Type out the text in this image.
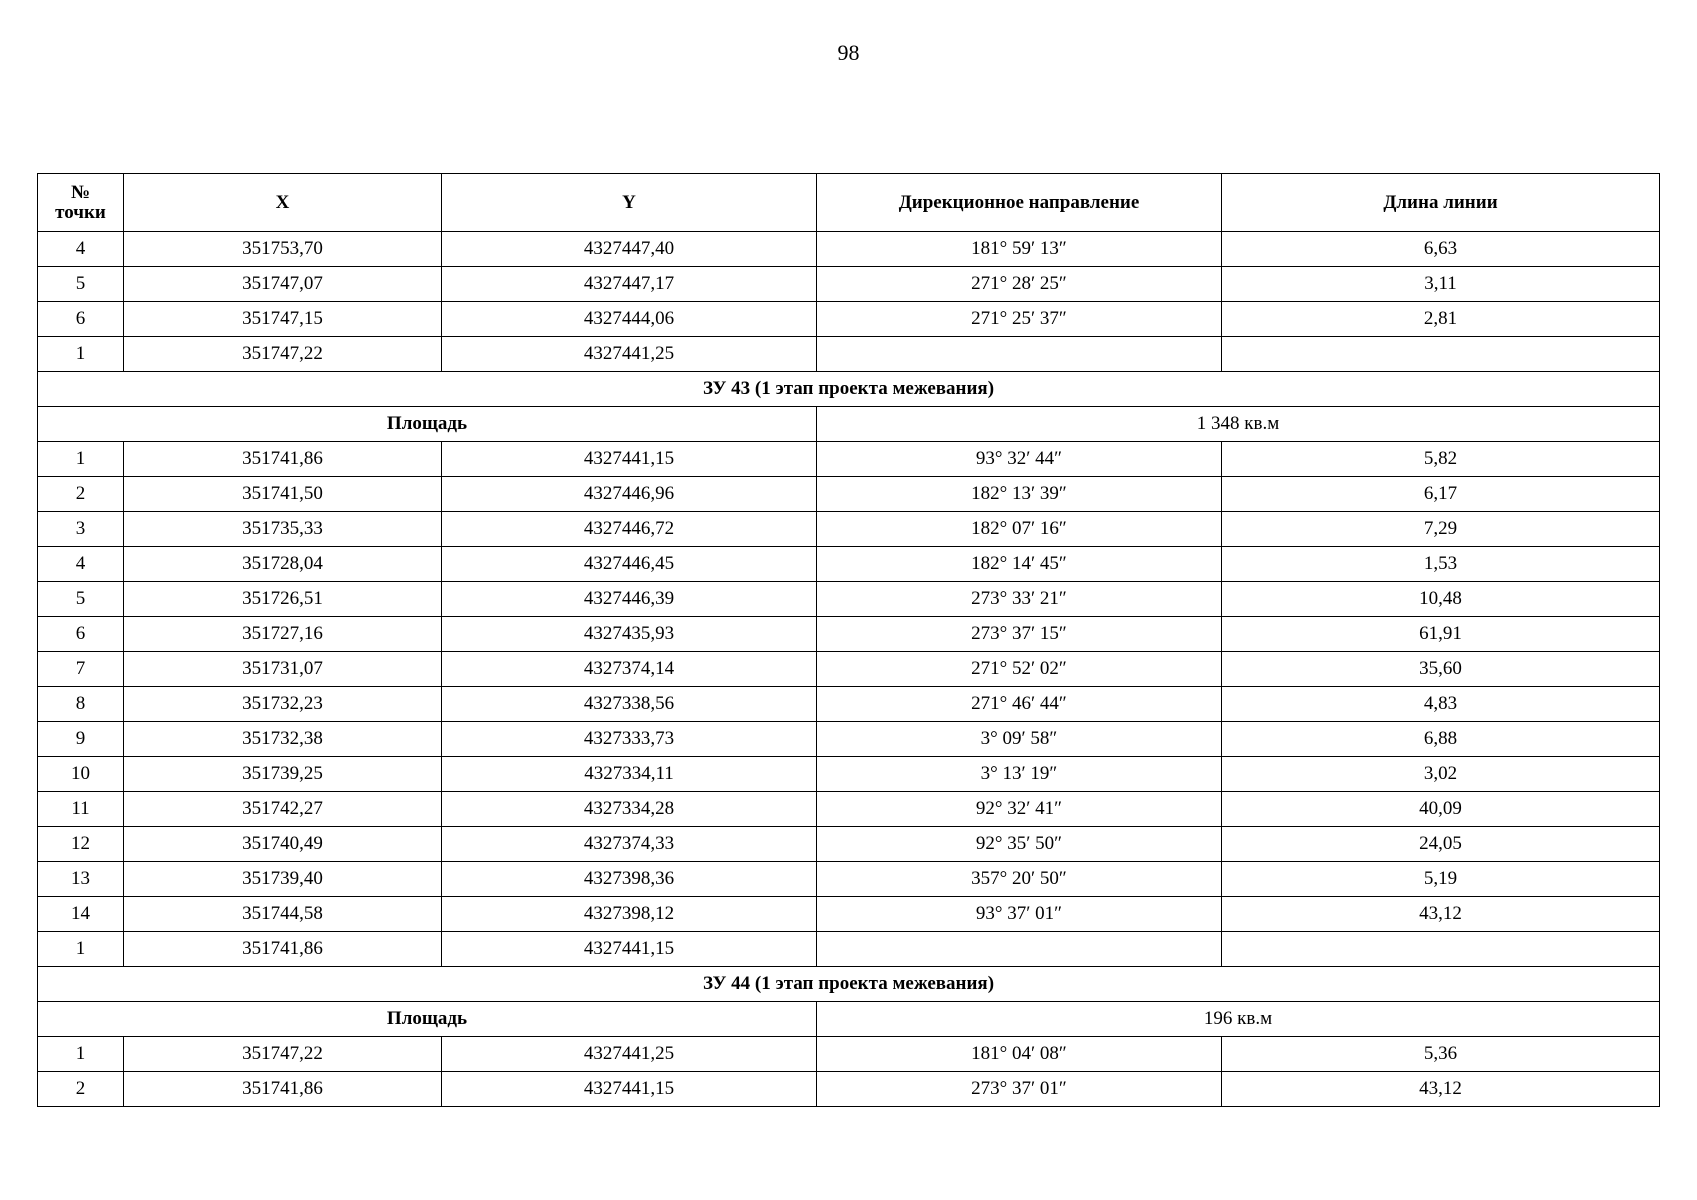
98
№
точки	X	Y	Дирекционное направление	Длина линии
4	351753,70	4327447,40	181° 59′ 13″	6,63
5	351747,07	4327447,17	271° 28′ 25″	3,11
6	351747,15	4327444,06	271° 25′ 37″	2,81
1	351747,22	4327441,25		
ЗУ 43 (1 этап проекта межевания)				
Площадь			1 348 кв.м	
1	351741,86	4327441,15	93° 32′ 44″	5,82
2	351741,50	4327446,96	182° 13′ 39″	6,17
3	351735,33	4327446,72	182° 07′ 16″	7,29
4	351728,04	4327446,45	182° 14′ 45″	1,53
5	351726,51	4327446,39	273° 33′ 21″	10,48
6	351727,16	4327435,93	273° 37′ 15″	61,91
7	351731,07	4327374,14	271° 52′ 02″	35,60
8	351732,23	4327338,56	271° 46′ 44″	4,83
9	351732,38	4327333,73	3° 09′ 58″	6,88
10	351739,25	4327334,11	3° 13′ 19″	3,02
11	351742,27	4327334,28	92° 32′ 41″	40,09
12	351740,49	4327374,33	92° 35′ 50″	24,05
13	351739,40	4327398,36	357° 20′ 50″	5,19
14	351744,58	4327398,12	93° 37′ 01″	43,12
1	351741,86	4327441,15		
ЗУ 44 (1 этап проекта межевания)				
Площадь			196 кв.м	
1	351747,22	4327441,25	181° 04′ 08″	5,36
2	351741,86	4327441,15	273° 37′ 01″	43,12
